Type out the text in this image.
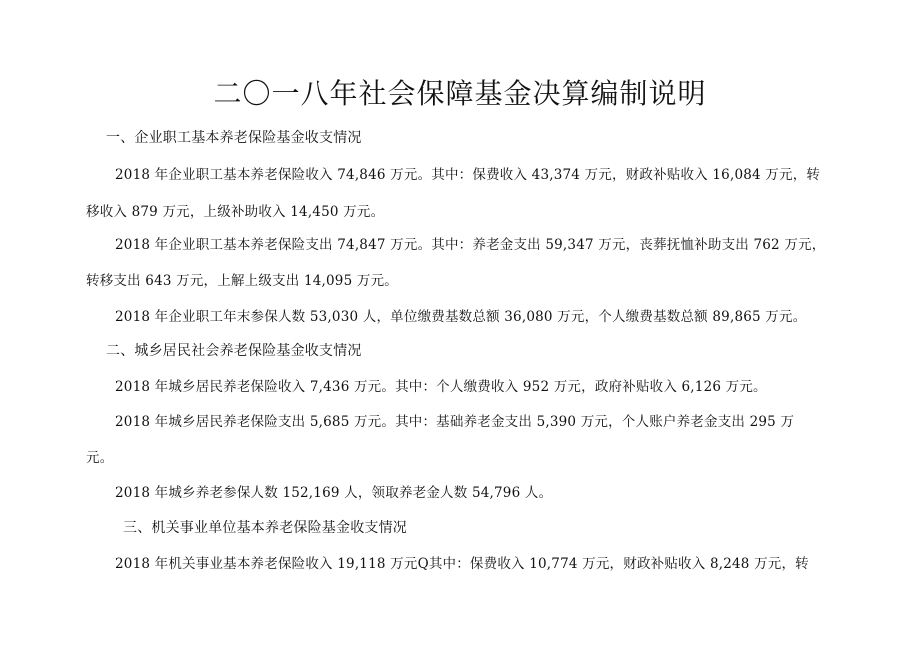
二〇一八年社会保障基金决算编制说明
一、企业职工基本养老保险基金收支情况
2018 年企业职工基本养老保险收入 74,846 万元。其中：保费收入 43,374 万元，财政补贴收入 16,084 万元，转
移收入 879 万元，上级补助收入 14,450 万元。
2018 年企业职工基本养老保险支出 74,847 万元。其中：养老金支出 59,347 万元，丧葬抚恤补助支出 762 万元，
转移支出 643 万元，上解上级支出 14,095 万元。
2018 年企业职工年末参保人数 53,030 人，单位缴费基数总额 36,080 万元，个人缴费基数总额 89,865 万元。
二、城乡居民社会养老保险基金收支情况
2018 年城乡居民养老保险收入 7,436 万元。其中：个人缴费收入 952 万元，政府补贴收入 6,126 万元。
2018 年城乡居民养老保险支出 5,685 万元。其中：基础养老金支出 5,390 万元，个人账户养老金支出 295 万
元。
2018 年城乡养老参保人数 152,169 人，领取养老金人数 54,796 人。
三、机关事业单位基本养老保险基金收支情况
2018 年机关事业基本养老保险收入 19,118 万元Q其中：保费收入 10,774 万元，财政补贴收入 8,248 万元，转
